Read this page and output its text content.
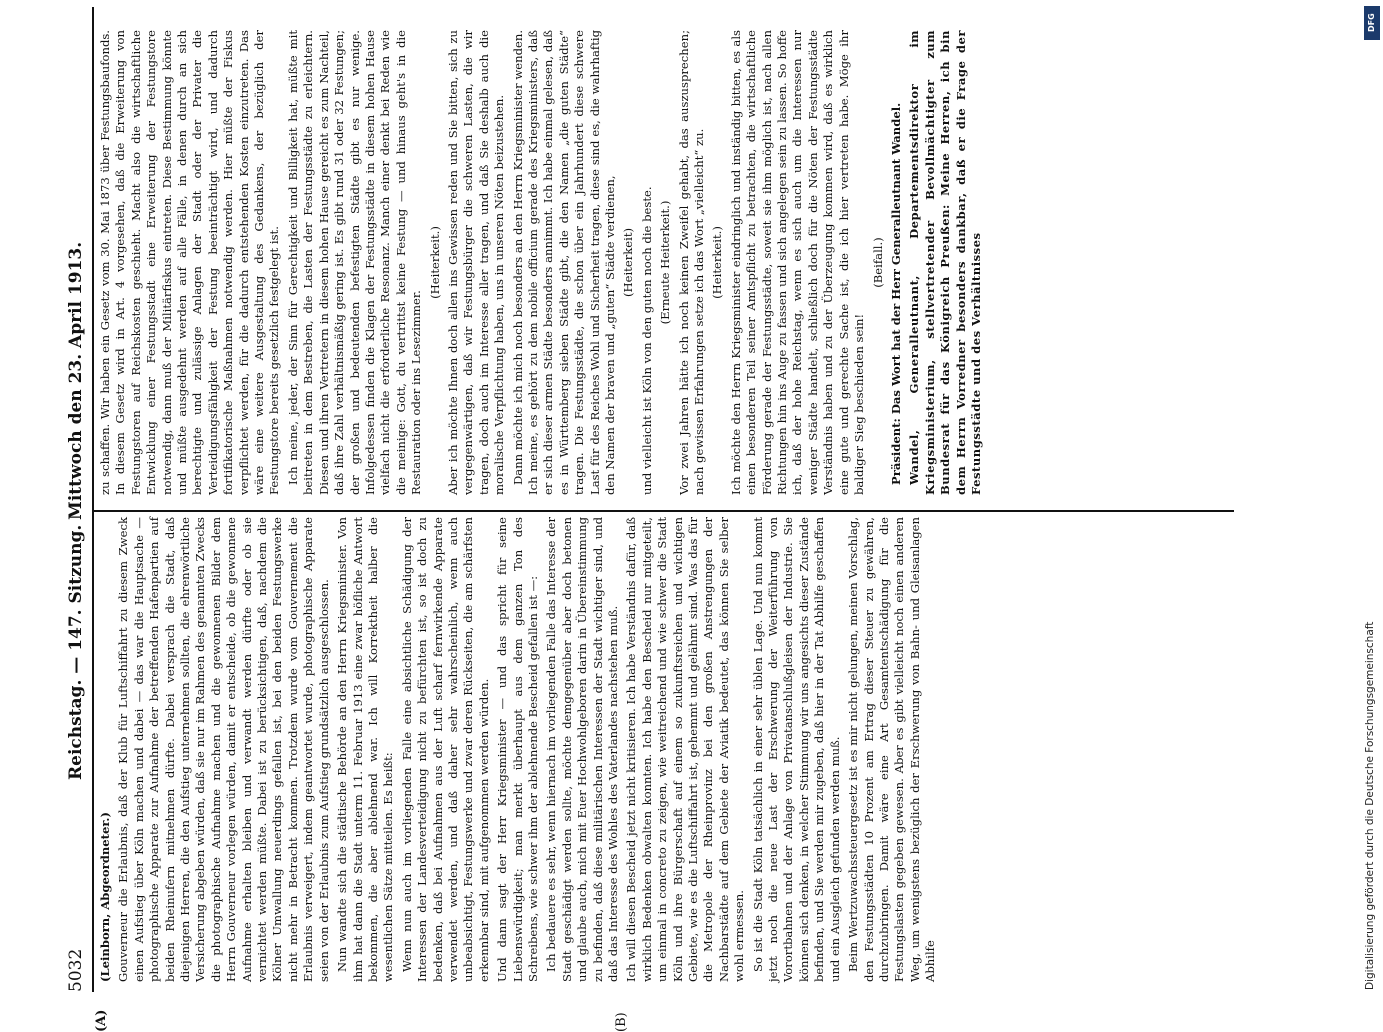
5032
Reichstag. — 147. Sitzung.
Mittwoch den 23. April 1913.
(A)	(B)

(Leinborn, Abgeordneter.) Gouverneur die Erlaubnis, daß der Klub für Luftschiffahrt zu diesem Zweck einen Aufstieg über Köln machen und dabei — das war die Hauptsache — photographische Apparate zur Aufnahme der betreffenden Hafenpartien auf beiden Rheinufern mitnehmen dürfte. Dabei versprach die Stadt, daß diejenigen Herren, die den Aufstieg unternehmen sollten, die ehrenwörtliche Versicherung abgeben würden, daß sie nur im Rahmen des genannten Zwecks die photographische Aufnahme machen und die gewonnenen Bilder dem Herrn Gouverneur vorlegen würden, damit er entscheide, ob die gewonnene Aufnahme erhalten bleiben und verwandt werden dürfte oder ob sie vernichtet werden müßte. Dabei ist zu berücksichtigen, daß, nachdem die Kölner Umwallung neuerdings gefallen ist, bei den beiden Festungswerke nicht mehr in Betracht kommen. Trotzdem wurde vom Gouvernement die Erlaubnis verweigert, indem geantwortet wurde, photographische Apparate seien von der Erlaubnis zum Aufstieg grundsätzlich ausgeschlossen. Nun wandte sich die städtische Behörde an den Herrn Kriegsminister. Von ihm hat dann die Stadt unterm 11. Februar 1913 eine zwar höfliche Antwort bekommen, die aber ablehnend war. Ich will Korrektheit halber die wesentlichen Sätze mitteilen. Es heißt: Wenn nun auch im vorliegenden Falle eine absichtliche Schädigung der Interessen der Landesverteidigung nicht zu befürchten ist, so ist doch zu bedenken, daß bei Aufnahmen aus der Luft scharf fernwirkende Apparate verwendet werden, und daß daher sehr wahrscheinlich, wenn auch unbeabsichtigt, Festungswerke und zwar deren Rückseiten, die am schärfsten erkennbar sind, mit aufgenommen werden würden. Und dann sagt der Herr Kriegsminister — und das spricht für seine Liebenswürdigkeit; man merkt überhaupt aus dem ganzen Ton des Schreibens, wie schwer ihm der ablehnende Bescheid gefallen ist —: Ich bedauere es sehr, wenn hiernach im vorliegenden Falle das Interesse der Stadt geschädigt werden sollte, möchte demgegenüber aber doch betonen und glaube auch, mich mit Euer Hochwohlgeboren darin in Übereinstimmung zu befinden, daß diese militärischen Interessen der Stadt wichtiger sind, und daß das Interesse des Wohles des Vaterlandes nachstehen muß. Ich will diesen Bescheid jetzt nicht kritisieren. Ich habe Verständnis dafür, daß wirklich Bedenken obwalten konnten. Ich habe den Bescheid nur mitgeteilt, um einmal in concreto zu zeigen, wie weitreichend und wie schwer die Stadt Köln und ihre Bürgerschaft auf einem so zukunftsreichen und wichtigen Gebiete, wie es die Luftschiffahrt ist, gehemmt und gelähmt sind. Was das für die Metropole der Rheinprovinz bei den großen Anstrengungen der Nachbarstädte auf dem Gebiete der Aviatik bedeutet, das können Sie selber wohl ermessen. So ist die Stadt Köln tatsächlich in einer sehr üblen Lage. Und nun kommt jetzt noch die neue Last der Erschwerung der Weiterführung von Vorortbahnen und der Anlage von Privatanschlußgleisen der Industrie. Sie können sich denken, in welcher Stimmung wir uns angesichts dieser Zustände befinden, und Sie werden mir zugeben, daß hier in der Tat Abhilfe geschaffen und ein Ausgleich gefunden werden muß. Beim Wertzuwachssteuergesetz ist es mir nicht gelungen, meinen Vorschlag, den Festungsstädten 10 Prozent am Ertrag dieser Steuer zu gewähren, durchzubringen. Damit wäre eine Art Gesamtentschädigung für die Festungslasten gegeben gewesen. Aber es gibt vielleicht noch einen anderen Weg, um wenigstens bezüglich der Erschwerung von Bahn- und Gleisanlagen Abhilfe

zu schaffen. Wir haben ein Gesetz vom 30. Mai 1873 über Festungsbaufonds. In diesem Gesetz wird in Art. 4 vorgesehen, daß die Erweiterung von Festungstoren auf Reichskosten geschieht. Macht also die wirtschaftliche Entwicklung einer Festungsstadt eine Erweiterung der Festungstore notwendig, dann muß der Militärfiskus eintreten. Diese Bestimmung könnte und müßte ausgedehnt werden auf alle Fälle, in denen durch an sich berechtigte und zulässige Anlagen der Stadt oder der Privater die Verteidigungsfähigkeit der Festung beeinträchtigt wird, und dadurch fortifikatorische Maßnahmen notwendig werden. Hier müßte der Fiskus verpflichtet werden, für die dadurch entstehenden Kosten einzutreten. Das wäre eine weitere Ausgestaltung des Gedankens, der bezüglich der Festungstore bereits gesetzlich festgelegt ist. Ich meine, jeder, der Sinn für Gerechtigkeit und Billigkeit hat, müßte mit beitreten in dem Bestreben, die Lasten der Festungsstädte zu erleichtern. Diesen und ihren Vertretern in diesem hohen Hause gereicht es zum Nachteil, daß ihre Zahl verhältnismäßig gering ist. Es gibt rund 31 oder 32 Festungen; der großen und bedeutenden befestigten Städte gibt es nur wenige. Infolgedessen finden die Klagen der Festungsstädte in diesem hohen Hause vielfach nicht die erforderliche Resonanz. Manch einer denkt bei Reden wie die meinige: Gott, du vertrittst keine Festung — und hinaus geht's in die Restauration oder ins Lesezimmer.

(Heiterkeit.) Aber ich möchte Ihnen doch allen ins Gewissen reden und Sie bitten, sich zu vergegenwärtigen, daß wir Festungsbürger die schweren Lasten, die wir tragen, doch auch im Interesse aller tragen, und daß Sie deshalb auch die moralische Verpflichtung haben, uns in unseren Nöten beizustehen. Dann möchte ich mich noch besonders an den Herrn Kriegsminister wenden. Ich meine, es gehört zu dem nobile officium gerade des Kriegsministers, daß er sich dieser armen Städte besonders annimmt. Ich habe einmal gelesen, daß es in Württemberg sieben Städte gibt, die den Namen „die guten Städte“ tragen. Die Festungsstädte, die schon über ein Jahrhundert diese schwere Last für des Reiches Wohl und Sicherheit tragen, diese sind es, die wahrhaftig den Namen der braven und „guten“ Städte verdienen, (Heiterkeit) und vielleicht ist Köln von den guten noch die beste. (Erneute Heiterkeit.) Vor zwei Jahren hätte ich noch keinen Zweifel gehabt, das auszusprechen; nach gewissen Erfahrungen setze ich das Wort „vielleicht“ zu. (Heiterkeit.) Ich möchte den Herrn Kriegsminister eindringlich und inständig bitten, es als einen besonderen Teil seiner Amtspflicht zu betrachten, die wirtschaftliche Förderung gerade der Festungsstädte, soweit sie ihm möglich ist, nach allen Richtungen hin ins Auge zu fassen und sich angelegen sein zu lassen. So hoffe ich, daß der hohe Reichstag, wenn es sich auch um die Interessen nur weniger Städte handelt, schließlich doch für die Nöten der Festungsstädte Verständnis haben und zu der Überzeugung kommen wird, daß es wirklich eine gute und gerechte Sache ist, die ich hier vertreten habe. Möge ihr baldiger Sieg beschieden sein!

(Beifall.) Präsident: Das Wort hat der Herr Generalleutnant Wandel. Wandel, Generalleutnant, Departementsdirektor im Kriegsministerium, stellvertretender Bevollmächtigter zum Bundesrat für das Königreich Preußen: Meine Herren, ich bin dem Herrn Vorredner besonders dankbar, daß er die Frage der Festungsstädte und des Verhältnisses

DFG
Digitalisierung gefördert durch die Deutsche Forschungsgemeinschaft
